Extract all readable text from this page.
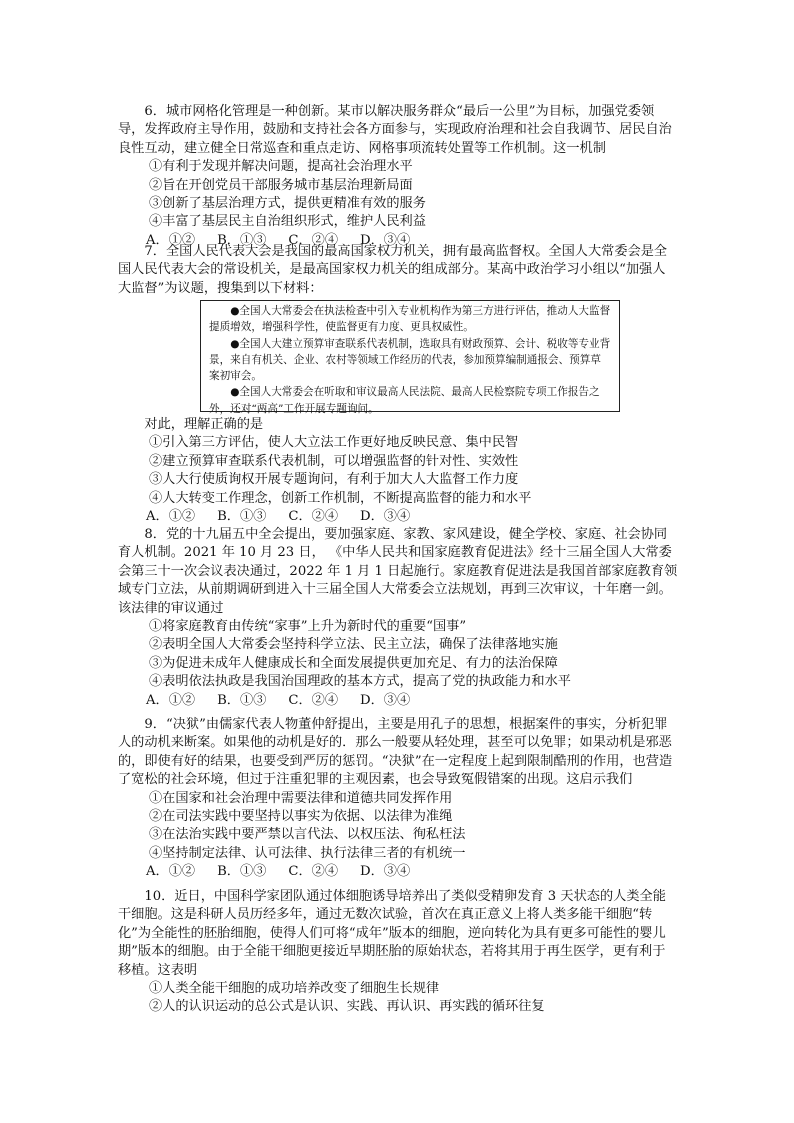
6．城市网格化管理是一种创新。某市以解决服务群众“最后一公里”为目标，加强党委领导，发挥政府主导作用，鼓励和支持社会各方面参与，实现政府治理和社会自我调节、居民自治良性互动，建立健全日常巡查和重点走访、网格事项流转处置等工作机制。这一机制

①有利于发现并解决问题，提高社会治理水平

②旨在开创党员干部服务城市基层治理新局面

③创新了基层治理方式，提供更精准有效的服务

④丰富了基层民主自治组织形式，维护人民利益

A．①② B．①③ C．②④ D．③④

7．全国人民代表大会是我国的最高国家权力机关，拥有最高监督权。全国人大常委会是全国人民代表大会的常设机关，是最高国家权力机关的组成部分。某高中政治学习小组以“加强人大监督”为议题，搜集到以下材料：

●全国人大常委会在执法检查中引入专业机构作为第三方进行评估，推动人大监督提质增效，增强科学性，使监督更有力度、更具权威性。

●全国人大建立预算审查联系代表机制，选取具有财政预算、会计、税收等专业背景，来自有机关、企业、农村等领域工作经历的代表，参加预算编制通报会、预算草案初审会。

●全国人大常委会在听取和审议最高人民法院、最高人民检察院专项工作报告之外，还对“两高”工作开展专题询问。

对此，理解正确的是

①引入第三方评估，使人大立法工作更好地反映民意、集中民智

②建立预算审查联系代表机制，可以增强监督的针对性、实效性

③人大行使质询权开展专题询问，有利于加大人大监督工作力度

④人大转变工作理念，创新工作机制，不断提高监督的能力和水平

A．①② B．①③ C．②④ D．③④

8．党的十九届五中全会提出，要加强家庭、家教、家风建设，健全学校、家庭、社会协同育人机制。2021 年 10 月 23 日， 《中华人民共和国家庭教育促进法》经十三届全国人大常委会第三十一次会议表决通过，2022 年 1 月 1 日起施行。家庭教育促进法是我国首部家庭教育领域专门立法，从前期调研到进入十三届全国人大常委会立法规划，再到三次审议，十年磨一剑。该法律的审议通过

①将家庭教育由传统“家事”上升为新时代的重要“国事”

②表明全国人大常委会坚持科学立法、民主立法，确保了法律落地实施

③为促进未成年人健康成长和全面发展提供更加充足、有力的法治保障

④表明依法执政是我国治国理政的基本方式，提高了党的执政能力和水平

A．①② B．①③ C．②④ D．③④

9．“决狱”由儒家代表人物董仲舒提出，主要是用孔子的思想，根据案件的事实，分析犯罪人的动机来断案。如果他的动机是好的．那么一般要从轻处理，甚至可以免罪；如果动机是邪恶的，即使有好的结果，也要受到严厉的惩罚。“决狱”在一定程度上起到限制酷刑的作用，也营造了宽松的社会环境，但过于注重犯罪的主观因素，也会导致冤假错案的出现。这启示我们

①在国家和社会治理中需要法律和道德共同发挥作用

②在司法实践中要坚持以事实为依据、以法律为准绳

③在法治实践中要严禁以言代法、以权压法、徇私枉法

④坚持制定法律、认可法律、执行法律三者的有机统一

A．①② B．①③ C．②④ D．③④

10．近日，中国科学家团队通过体细胞诱导培养出了类似受精卵发育 3 天状态的人类全能干细胞。这是科研人员历经多年，通过无数次试验，首次在真正意义上将人类多能干细胞“转化”为全能性的胚胎细胞，使得人们可将“成年”版本的细胞，逆向转化为具有更多可能性的婴儿期”版本的细胞。由于全能干细胞更接近早期胚胎的原始状态，若将其用于再生医学，更有利于移植。这表明

①人类全能干细胞的成功培养改变了细胞生长规律

②人的认识运动的总公式是认识、实践、再认识、再实践的循环往复
